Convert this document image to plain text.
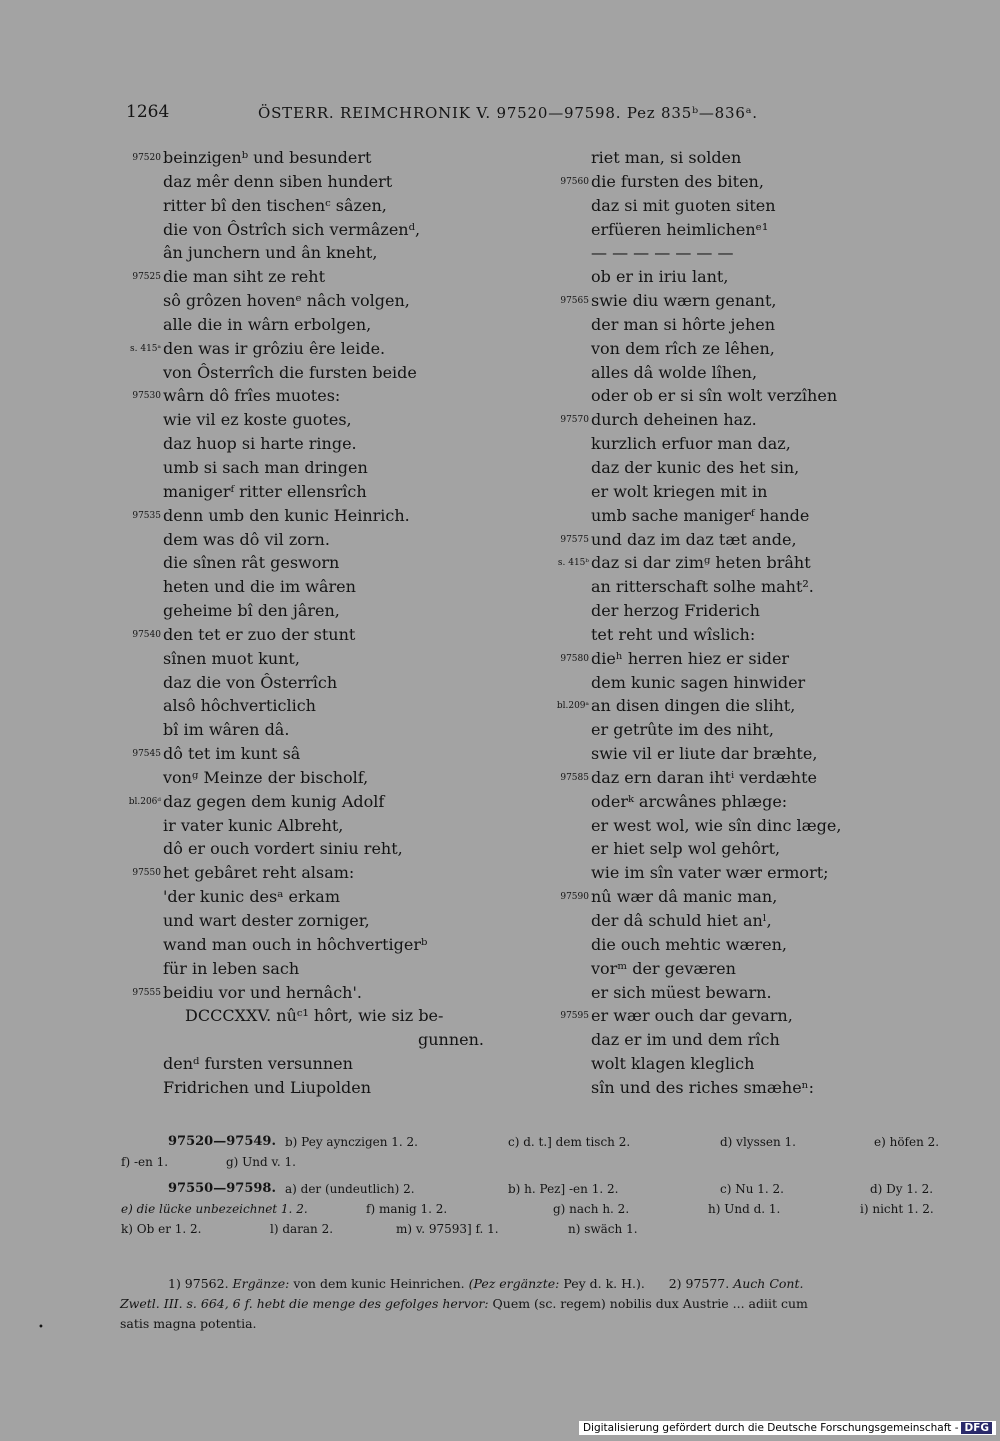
1264	ÖSTERR. REIMCHRONIK V. 97520—97598. Pez 835ᵇ—836ᵃ.
97520 beinzigenᵇ und besundert
daz mêr denn siben hundert
ritter bî den tischenᶜ sâzen,
die von Ôstrîch sich vermâzenᵈ,
ân junchern und ân kneht,
97525 die man siht ze reht
sô grôzen hovenᵉ nâch volgen,
alle die in wârn erbolgen,
s. 415ᵃ den was ir grôziu êre leide.
von Ôsterrîch die fursten beide
97530 wârn dô frîes muotes:
wie vil ez koste guotes,
daz huop si harte ringe.
umb si sach man dringen
manigerᶠ ritter ellensrîch
97535 denn umb den kunic Heinrich.
dem was dô vil zorn.
die sînen rât gesworn
heten und die im wâren
geheime bî den jâren,
97540 den tet er zuo der stunt
sînen muot kunt,
daz die von Ôsterrîch
alsô hôchverticlich
bî im wâren dâ.
97545 dô tet im kunt sâ
vonᵍ Meinze der bischolf,
bl.206ᵈ daz gegen dem kunig Adolf
ir vater kunic Albreht,
dô er ouch vordert siniu reht,
97550 het gebâret reht alsam:
'der kunic desᵃ erkam
und wart dester zorniger,
wand man ouch in hôchvertigerᵇ
für in leben sach
97555 beidiu vor und hernâch'.
DCCCXXV. nûᶜ¹ hôrt, wie siz be-
gunnen.
denᵈ fursten versunnen
Fridrichen und Liupolden
riet man, si solden
97560 die fursten des biten,
daz si mit guoten siten
erfüeren heimlichenᵉ¹
— — — — — — —
ob er in iriu lant,
97565 swie diu wærn genant,
der man si hôrte jehen
von dem rîch ze lêhen,
alles dâ wolde lîhen,
oder ob er si sîn wolt verzîhen
97570 durch deheinen haz.
kurzlich erfuor man daz,
daz der kunic des het sin,
er wolt kriegen mit in
umb sache manigerᶠ hande
97575 und daz im daz tæt ande,
s. 415ᵇ daz si dar zimᵍ heten brâht
an ritterschaft solhe maht².
der herzog Friderich
tet reht und wîslich:
97580 dieʰ herren hiez er sider
dem kunic sagen hinwider
bl.209ᵃ an disen dingen die sliht,
er getrûte im des niht,
swie vil er liute dar bræhte,
97585 daz ern daran ihtⁱ verdæhte
oderᵏ arcwânes phlæge:
er west wol, wie sîn dinc læge,
er hiet selp wol gehôrt,
wie im sîn vater wær ermort;
97590 nû wær dâ manic man,
der dâ schuld hiet anˡ,
die ouch mehtic wæren,
vorᵐ der geværen
er sich müest bewarn.
97595 er wær ouch dar gevarn,
daz er im und dem rîch
wolt klagen kleglich
sîn und des riches smæheⁿ:
97520—97549. b) Pey aynczigen 1. 2.	c) d. t.] dem tisch 2.	d) vlyssen 1.	e) höfen 2.
f) -en 1.	g) Und v. 1.
97550—97598. a) der (undeutlich) 2.	b) h. Pez] -en 1. 2.	c) Nu 1. 2.	d) Dy 1. 2.
e) die lücke unbezeichnet 1. 2.	f) manig 1. 2.	g) nach h. 2.	h) Und d. 1.	i) nicht 1. 2.
k) Ob er 1. 2.	l) daran 2.	m) v. 97593] f. 1.	n) swäch 1.
1) 97562. Ergänze: von dem kunic Heinrichen. (Pez ergänzte: Pey d. k. H.). 2) 97577. Auch Cont.
Zwetl. III. s. 664, 6 f. hebt die menge des gefolges hervor: Quem (sc. regem) nobilis dux Austrie ... adiit cum
satis magna potentia.
•
Digitalisierung gefördert durch die Deutsche Forschungsgemeinschaft - DFG
